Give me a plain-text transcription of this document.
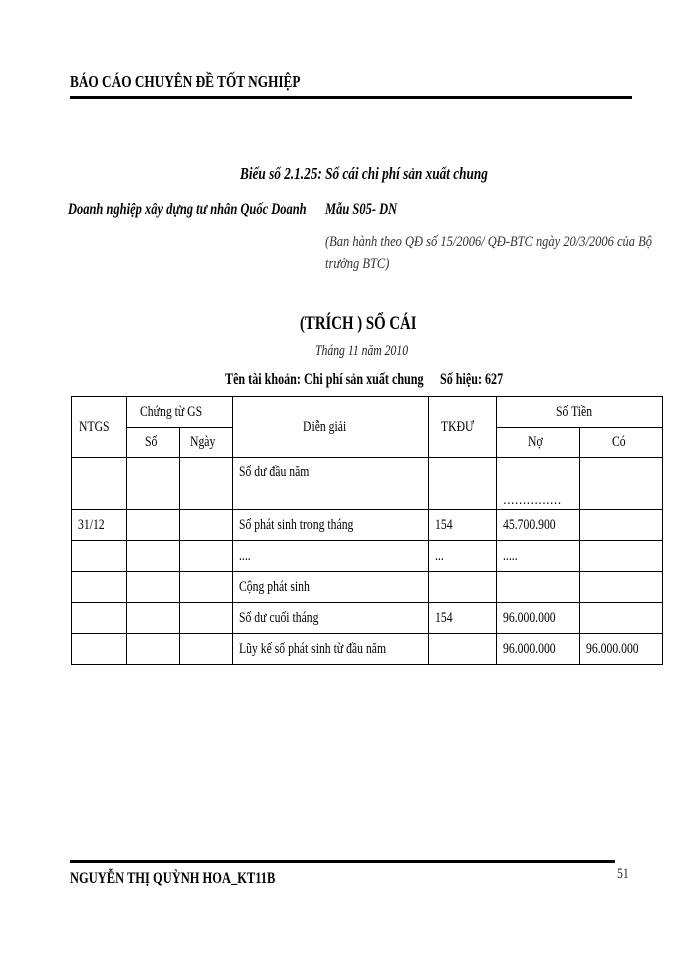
BÁO CÁO CHUYÊN ĐỀ TỐT NGHIỆP
Biểu số 2.1.25: Sổ cái chi phí sản xuất chung
Doanh nghiệp xây dựng tư nhân Quốc Doanh	Mẫu S05- DN
(Ban hành theo QĐ số 15/2006/ QĐ-BTC ngày 20/3/2006 của Bộ trưởng BTC)
(TRÍCH ) SỔ CÁI
Tháng 11 năm 2010
Tên tài khoản: Chi phí sản xuất chung	Số hiệu: 627
NTGS	Chứng từ GS		Diễn giải	TKĐƯ	Số Tiền	
	Số	Ngày			Nợ	Có
			Số dư đầu năm		……………	
31/12			Số phát sinh trong tháng	154	45.700.900	
			....	...	.....	
			Cộng phát sinh			
			Số dư cuối tháng	154	96.000.000	
			Lũy kế số phát sinh từ đầu năm		96.000.000	96.000.000
NGUYỄN THỊ QUỲNH HOA_KT11B	51
